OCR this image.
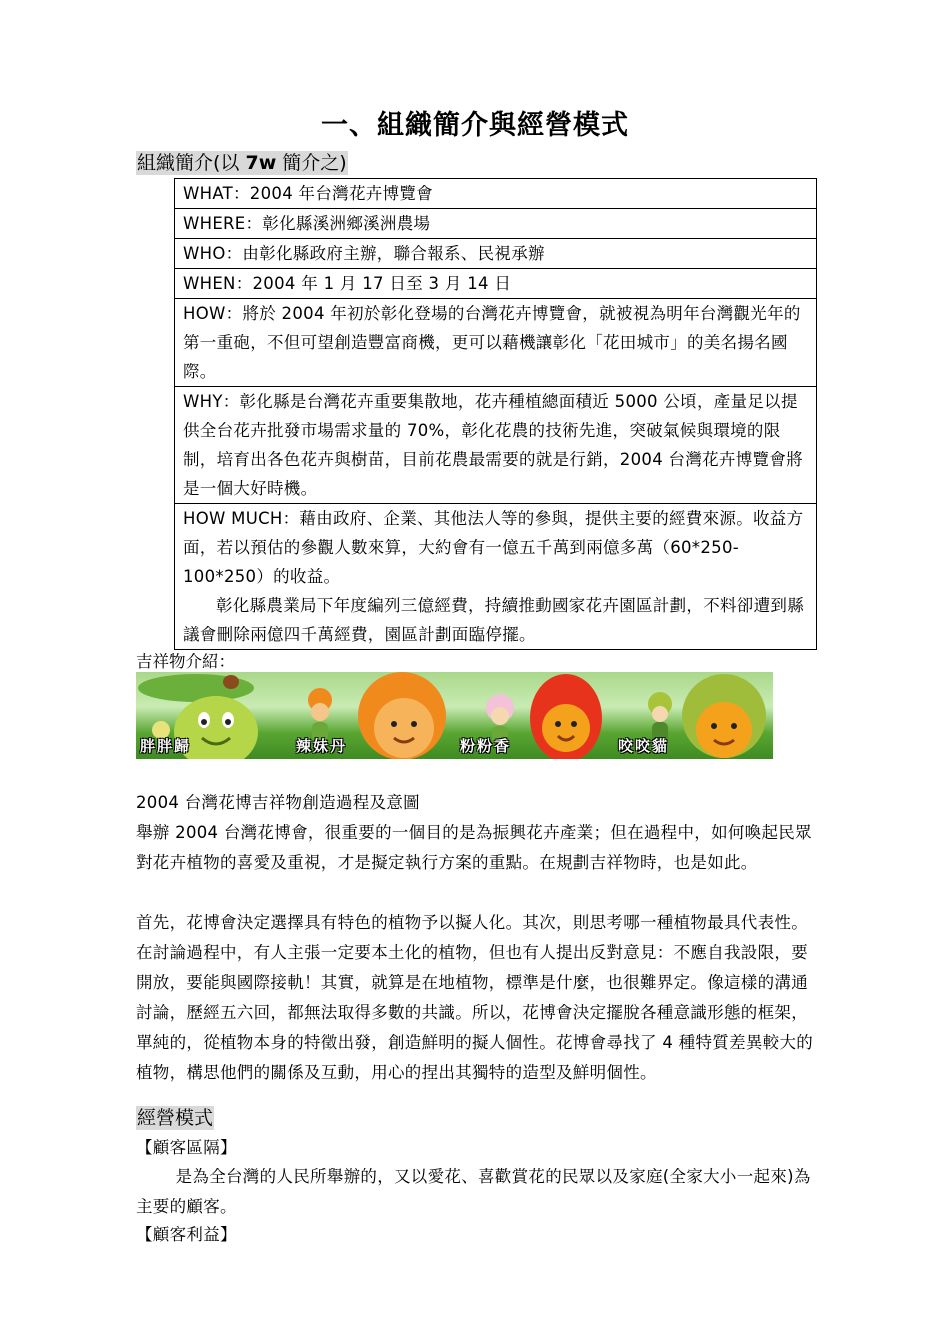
一、組織簡介與經營模式
組織簡介(以 7w 簡介之)
WHAT：2004 年台灣花卉博覽會
WHERE：彰化縣溪洲鄉溪洲農場
WHO：由彰化縣政府主辦，聯合報系、民視承辦
WHEN：2004 年 1 月 17 日至 3 月 14 日
HOW：將於 2004 年初於彰化登場的台灣花卉博覽會，就被視為明年台灣觀光年的第一重砲，不但可望創造豐富商機，更可以藉機讓彰化「花田城市」的美名揚名國際。
WHY：彰化縣是台灣花卉重要集散地，花卉種植總面積近 5000 公頃，產量足以提供全台花卉批發市場需求量的 70%，彰化花農的技術先進，突破氣候與環境的限制，培育出各色花卉與樹苗，目前花農最需要的就是行銷，2004 台灣花卉博覽會將是一個大好時機。
HOW MUCH：藉由政府、企業、其他法人等的參與，提供主要的經費來源。收益方面，若以預估的參觀人數來算，大約會有一億五千萬到兩億多萬（60*250-100*250）的收益。
彰化縣農業局下年度編列三億經費，持續推動國家花卉園區計劃，不料卻遭到縣議會刪除兩億四千萬經費，園區計劃面臨停擺。
吉祥物介紹：
胖胖歸	辣妹丹	粉粉香	咬咬貓
2004 台灣花博吉祥物創造過程及意圖
舉辦 2004 台灣花博會，很重要的一個目的是為振興花卉產業；但在過程中，如何喚起民眾對花卉植物的喜愛及重視，才是擬定執行方案的重點。在規劃吉祥物時，也是如此。
首先，花博會決定選擇具有特色的植物予以擬人化。其次，則思考哪一種植物最具代表性。在討論過程中，有人主張一定要本土化的植物，但也有人提出反對意見：不應自我設限，要開放，要能與國際接軌！其實，就算是在地植物，標準是什麼，也很難界定。像這樣的溝通討論，歷經五六回，都無法取得多數的共識。所以，花博會決定擺脫各種意識形態的框架，單純的，從植物本身的特徵出發，創造鮮明的擬人個性。花博會尋找了 4 種特質差異較大的植物，構思他們的關係及互動，用心的捏出其獨特的造型及鮮明個性。
經營模式
【顧客區隔】
是為全台灣的人民所舉辦的，又以愛花、喜歡賞花的民眾以及家庭(全家大小一起來)為主要的顧客。
【顧客利益】
